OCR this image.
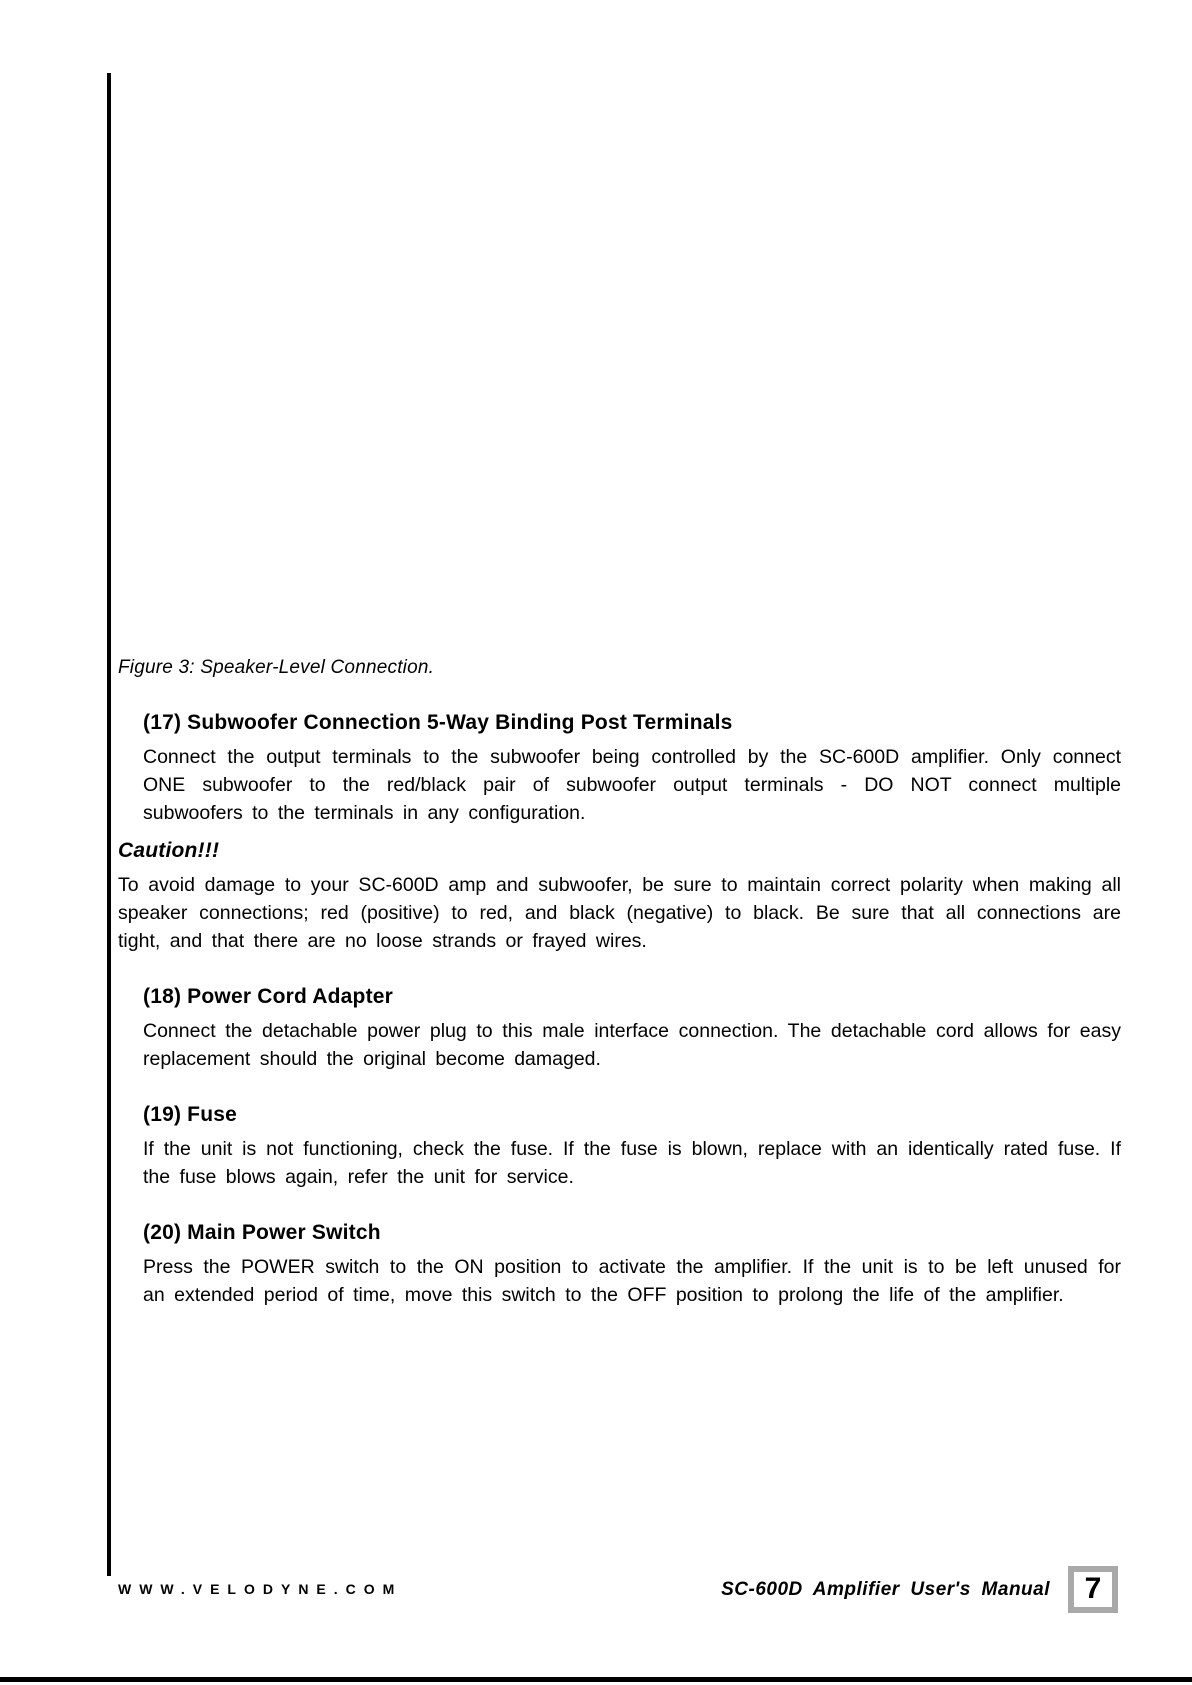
Figure 3: Speaker-Level Connection.
(17) Subwoofer Connection 5-Way Binding Post Terminals

Connect the output terminals to the subwoofer being controlled by the SC-600D amplifier. Only connect ONE subwoofer to the red/black pair of subwoofer output terminals - DO NOT connect multiple subwoofers to the terminals in any configuration.

Caution!!!

To avoid damage to your SC-600D amp and subwoofer, be sure to maintain correct polarity when making all speaker connections; red (positive) to red, and black (negative) to black. Be sure that all connections are tight, and that there are no loose strands or frayed wires.

(18) Power Cord Adapter

Connect the detachable power plug to this male interface connection. The detachable cord allows for easy replacement should the original become damaged.

(19) Fuse

If the unit is not functioning, check the fuse. If the fuse is blown, replace with an identically rated fuse. If the fuse blows again, refer the unit for service.

(20) Main Power Switch

Press the POWER switch to the ON position to activate the amplifier. If the unit is to be left unused for an extended period of time, move this switch to the OFF position to prolong the life of the amplifier.

WWW.VELODYNE.COM	SC-600D Amplifier User's Manual 7
